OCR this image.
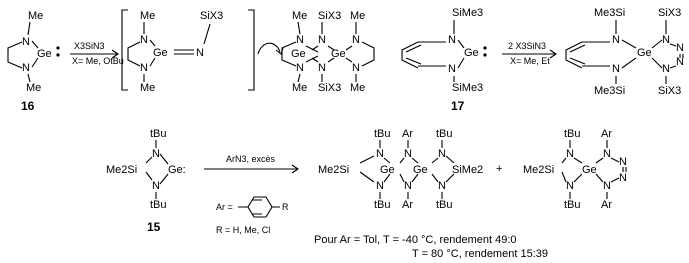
Me
N
Ge
N
Me
16
X3SiN3
X= Me, OtBu
Me
N
Ge	N
SiX3
N
Me
Me SiX3 Me
N N N
Ge Ge
N N N
Me SiX3 Me
SiMe3
N
Ge
N
SiMe3
17
2 X3SiN3
X= Me, Et
Me3Si	SiX3
N	N
Ge N
N
N	N
Me3Si	SiX3
tBu
N
Me2Si	Ge:
N
tBu
15
ArN3, excès
Ar =	R
R = H, Me, Cl
tBu Ar tBu
N N N
Me2Si	Ge Ge SiMe2
N N N
tBu Ar tBu
+
tBu Ar
N	N
Me2Si	Ge
N
N
N	N
tBu Ar
Pour Ar = Tol, T = -40 °C, rendement 49:0
T = 80 °C, rendement 15:39
